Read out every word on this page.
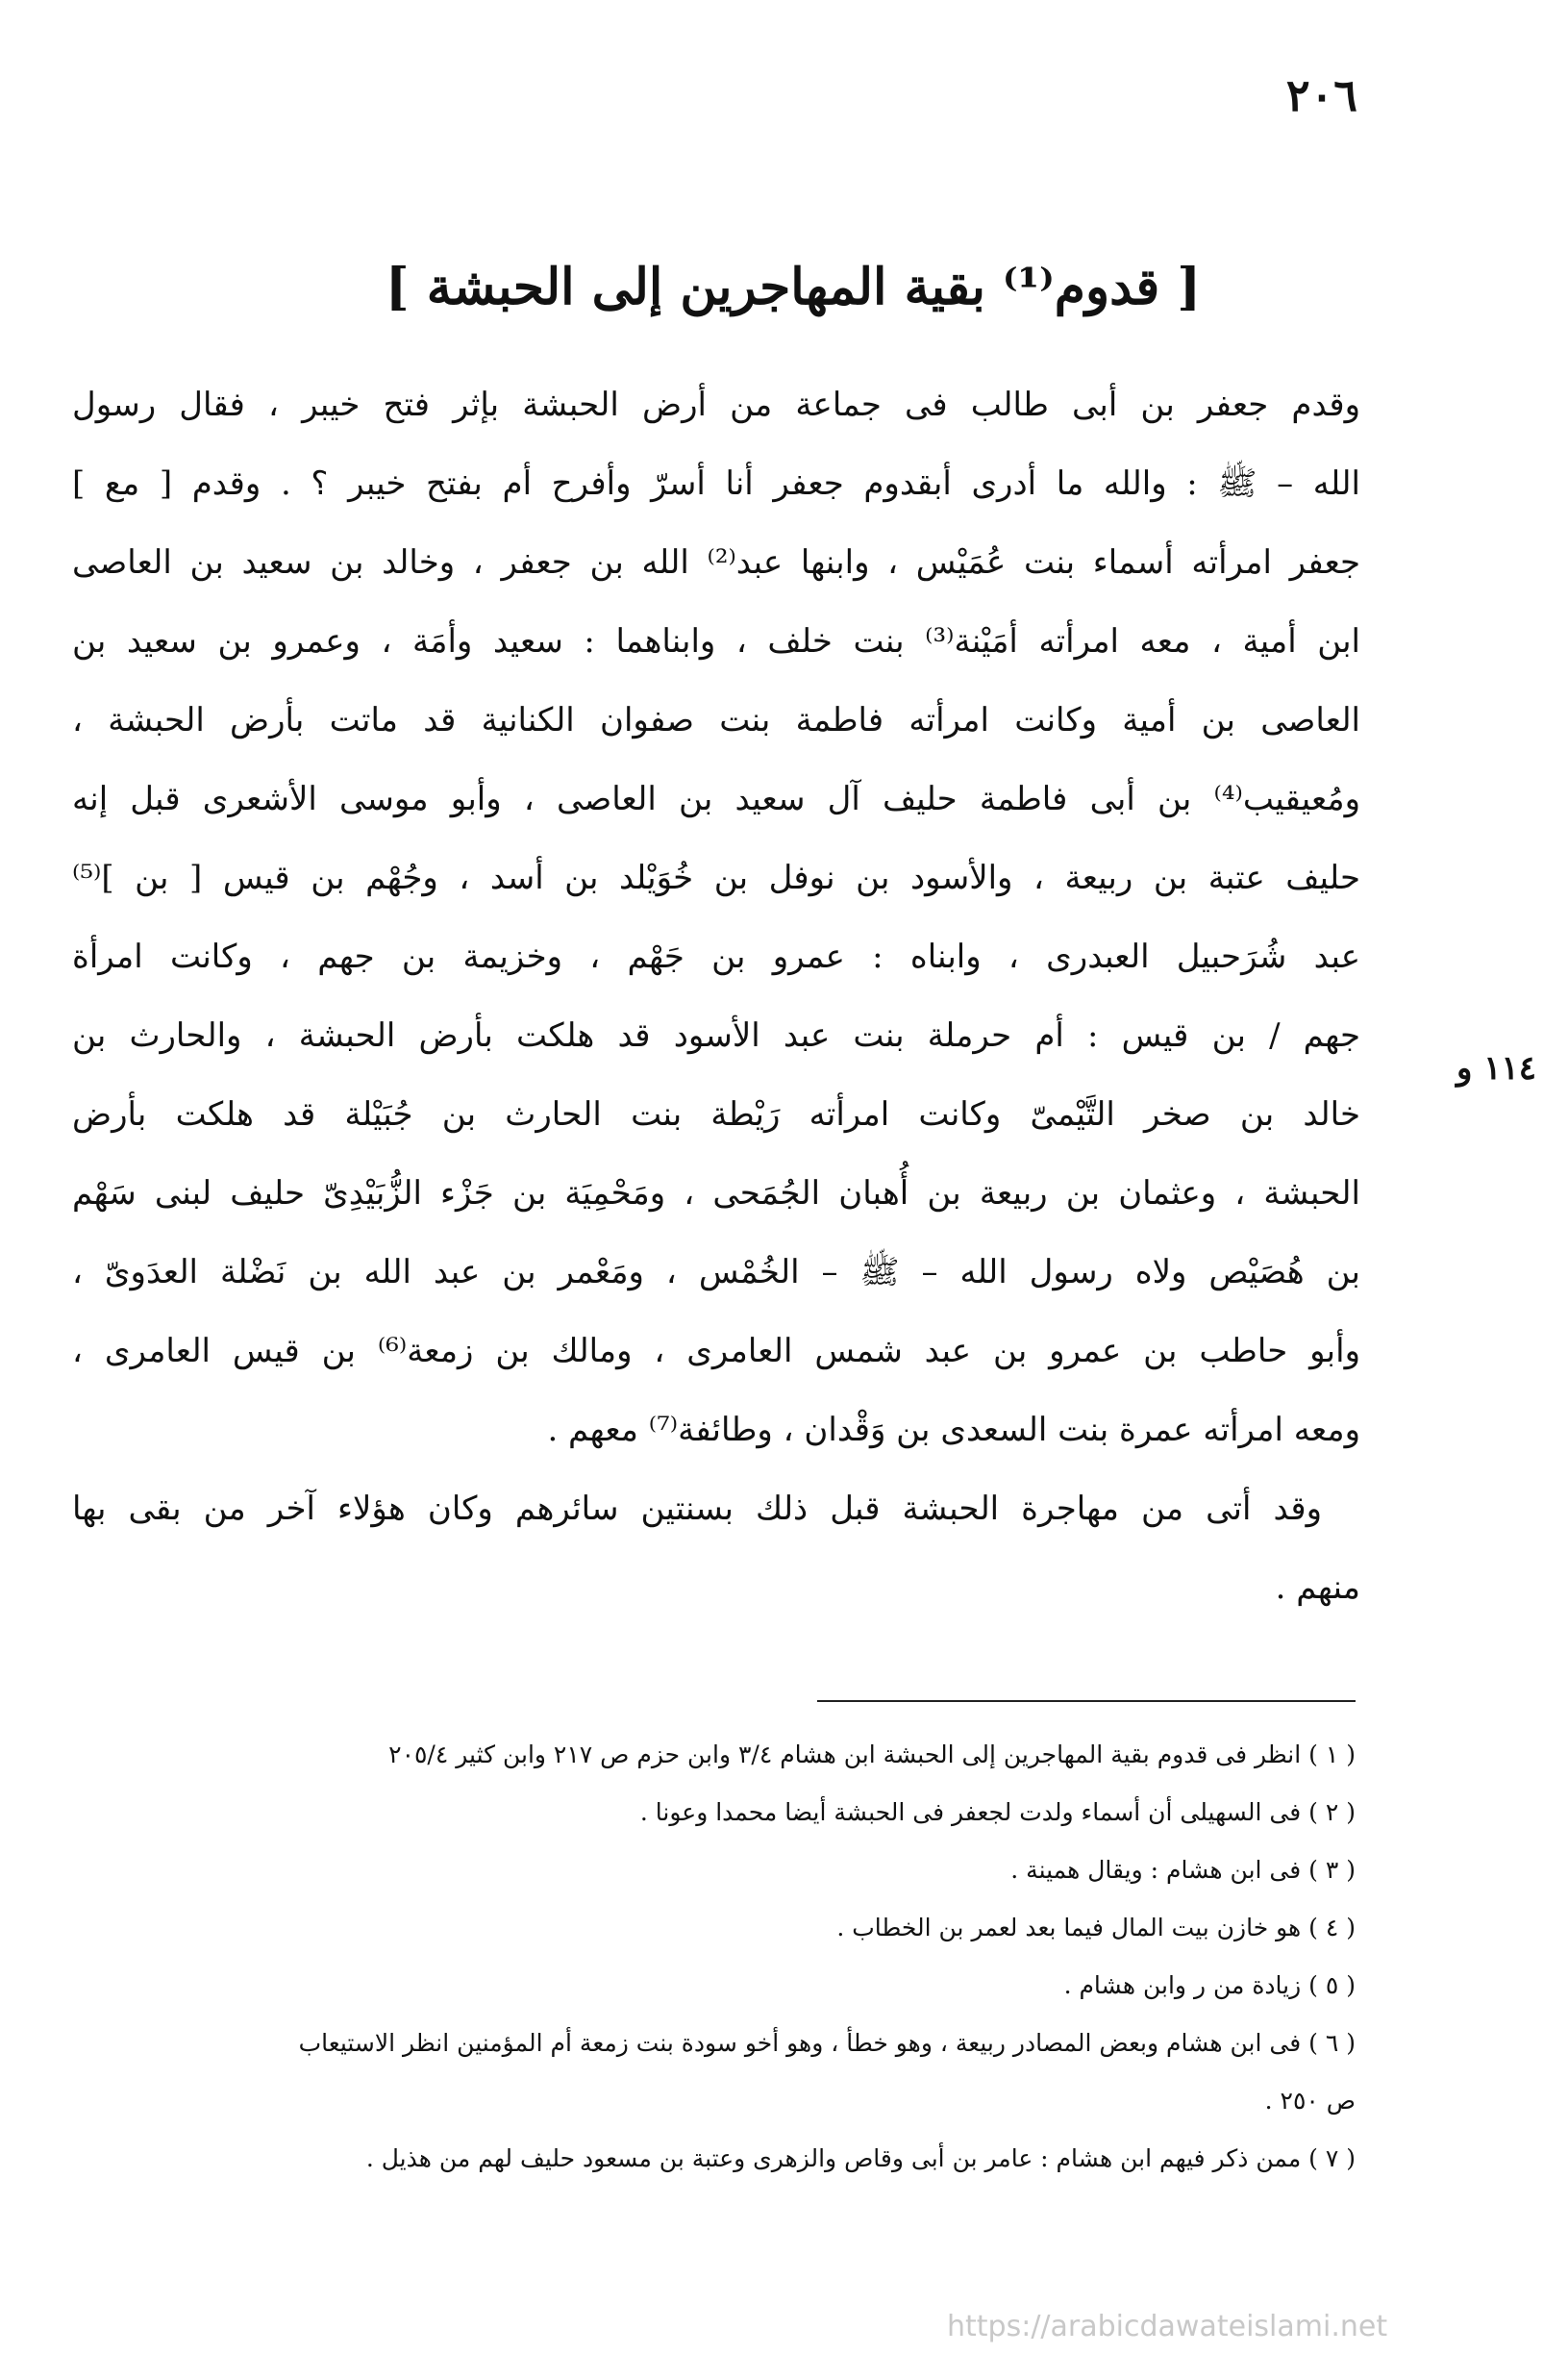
٢٠٦
[ قدوم⁽¹⁾ بقية المهاجرين إلى الحبشة ]
وقدم جعفر بن أبى طالب فى جماعة من أرض الحبشة بإثر فتح خيبر ، فقال رسول
الله – ﷺ : والله ما أدرى أبقدوم جعفر أنا أسرّ وأفرح أم بفتح خيبر ؟ . وقدم [ مع ]
جعفر امرأته أسماء بنت عُمَيْس ، وابنها عبد⁽²⁾ الله بن جعفر ، وخالد بن سعيد بن العاصى
ابن أمية ، معه امرأته أمَيْنة⁽³⁾ بنت خلف ، وابناهما : سعيد وأمَة ، وعمرو بن سعيد بن
العاصى بن أمية وكانت امرأته فاطمة بنت صفوان الكنانية قد ماتت بأرض الحبشة ،
ومُعيقيب⁽⁴⁾ بن أبى فاطمة حليف آل سعيد بن العاصى ، وأبو موسى الأشعرى قبل إنه
حليف عتبة بن ربيعة ، والأسود بن نوفل بن خُوَيْلد بن أسد ، وجُهْم بن قيس [ بن ]⁽⁵⁾
عبد شُرَحبيل العبدرى ، وابناه : عمرو بن جَهْم ، وخزيمة بن جهم ، وكانت امرأة
جهم / بن قيس : أم حرملة بنت عبد الأسود قد هلكت بأرض الحبشة ، والحارث بن
خالد بن صخر التَّيْمىّ وكانت امرأته رَيْطة بنت الحارث بن جُبَيْلة قد هلكت بأرض
الحبشة ، وعثمان بن ربيعة بن أُهبان الجُمَحى ، ومَحْمِيَة بن جَزْء الزُّبَيْدِىّ حليف لبنى سَهْم
بن هُصَيْص ولاه رسول الله – ﷺ – الخُمْس ، ومَعْمر بن عبد الله بن نَضْلة العدَوىّ ،
وأبو حاطب بن عمرو بن عبد شمس العامرى ، ومالك بن زمعة⁽⁶⁾ بن قيس العامرى ،
ومعه امرأته عمرة بنت السعدى بن وَقْدان ، وطائفة⁽⁷⁾ معهم .
وقد أتى من مهاجرة الحبشة قبل ذلك بسنتين سائرهم وكان هؤلاء آخر من بقى بها
منهم .
١١٤ و
( ١ ) انظر فى قدوم بقية المهاجرين إلى الحبشة ابن هشام ٣/٤ وابن حزم ص ٢١٧ وابن كثير ٢٠٥/٤
( ٢ ) فى السهيلى أن أسماء ولدت لجعفر فى الحبشة أيضا محمدا وعونا .
( ٣ ) فى ابن هشام : ويقال همينة .
( ٤ ) هو خازن بيت المال فيما بعد لعمر بن الخطاب .
( ٥ ) زيادة من ر وابن هشام .
( ٦ ) فى ابن هشام وبعض المصادر ربيعة ، وهو خطأ ، وهو أخو سودة بنت زمعة أم المؤمنين انظر الاستيعاب
ص ٢٥٠ .
( ٧ ) ممن ذكر فيهم ابن هشام : عامر بن أبى وقاص والزهرى وعتبة بن مسعود حليف لهم من هذيل .
https://arabicdawateislami.net
